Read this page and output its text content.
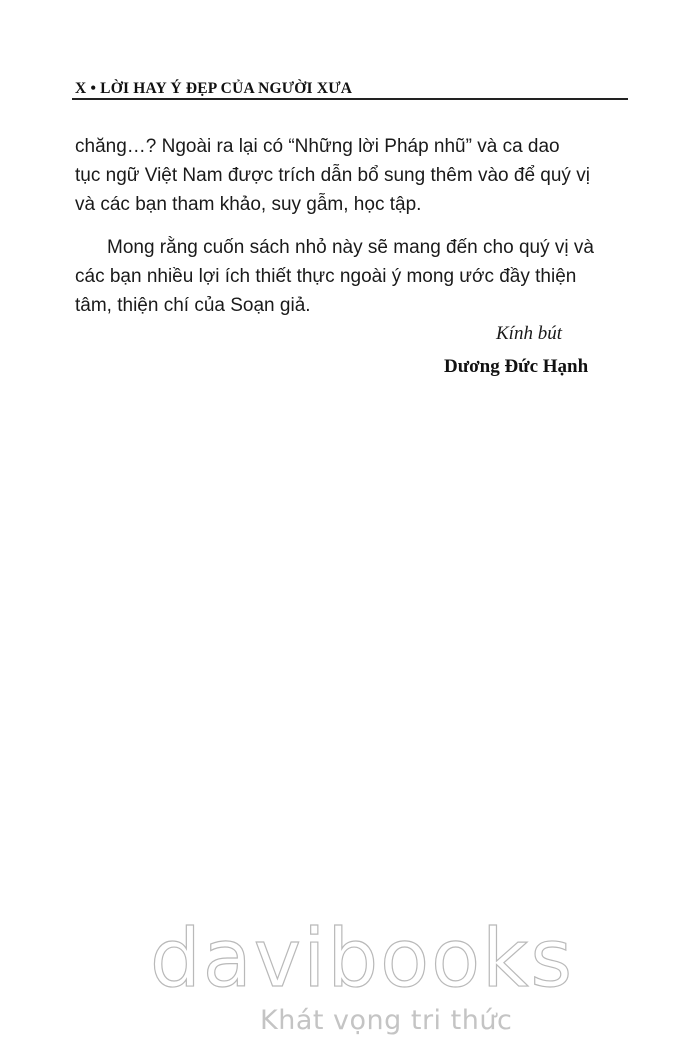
X • LỜI HAY Ý ĐẸP CỦA NGƯỜI XƯA

chăng…? Ngoài ra lại có “Những lời Pháp nhũ” và ca dao

tục ngữ Việt Nam được trích dẫn bổ sung thêm vào để quý vị

và các bạn tham khảo, suy gẫm, học tập.

Mong rằng cuốn sách nhỏ này sẽ mang đến cho quý vị và

các bạn nhiều lợi ích thiết thực ngoài ý mong ước đầy thiện

tâm, thiện chí của Soạn giả.

Kính bút
Dương Đức Hạnh
davibooks
Khát vọng tri thức
